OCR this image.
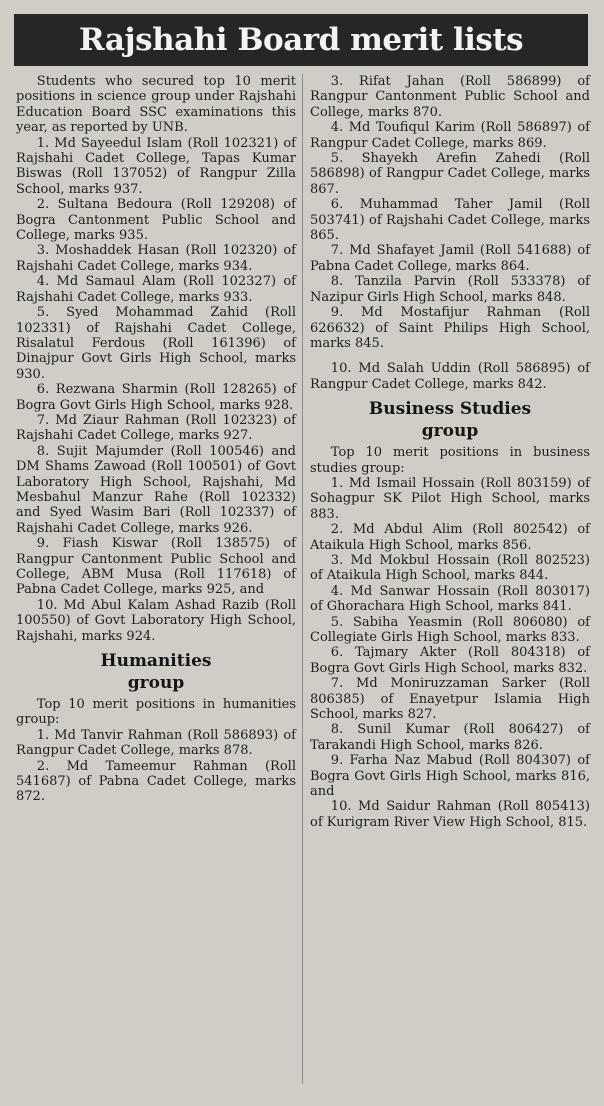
Rajshahi Board merit lists

Students who secured top 10 merit positions in science group under Rajshahi Education Board SSC examinations this year, as reported by UNB.

1. Md Sayeedul Islam (Roll 102321) of Rajshahi Cadet College, Tapas Kumar Biswas (Roll 137052) of Rangpur Zilla School, marks 937.

2. Sultana Bedoura (Roll 129208) of Bogra Cantonment Public School and College, marks 935.

3. Moshaddek Hasan (Roll 102320) of Rajshahi Cadet College, marks 934.

4. Md Samaul Alam (Roll 102327) of Rajshahi Cadet College, marks 933.

5. Syed Mohammad Zahid (Roll 102331) of Rajshahi Cadet College, Risalatul Ferdous (Roll 161396) of Dinajpur Govt Girls High School, marks 930.

6. Rezwana Sharmin (Roll 128265) of Bogra Govt Girls High School, marks 928.

7. Md Ziaur Rahman (Roll 102323) of Rajshahi Cadet College, marks 927.

8. Sujit Majumder (Roll 100546) and DM Shams Zawoad (Roll 100501) of Govt Laboratory High School, Rajshahi, Md Mesbahul Manzur Rahe (Roll 102332) and Syed Wasim Bari (Roll 102337) of Rajshahi Cadet College, marks 926.

9. Fiash Kiswar (Roll 138575) of Rangpur Cantonment Public School and College, ABM Musa (Roll 117618) of Pabna Cadet College, marks 925, and

10. Md Abul Kalam Ashad Razib (Roll 100550) of Govt Laboratory High School, Rajshahi, marks 924.

Humanities
group

Top 10 merit positions in humanities group:

1. Md Tanvir Rahman (Roll 586893) of Rangpur Cadet College, marks 878.

2. Md Tameemur Rahman (Roll 541687) of Pabna Cadet College, marks 872.

3. Rifat Jahan (Roll 586899) of Rangpur Cantonment Public School and College, marks 870.

4. Md Toufiqul Karim (Roll 586897) of Rangpur Cadet College, marks 869.

5. Shayekh Arefin Zahedi (Roll 586898) of Rangpur Cadet College, marks 867.

6. Muhammad Taher Jamil (Roll 503741) of Rajshahi Cadet College, marks 865.

7. Md Shafayet Jamil (Roll 541688) of Pabna Cadet College, marks 864.

8. Tanzila Parvin (Roll 533378) of Nazipur Girls High School, marks 848.

9. Md Mostafijur Rahman (Roll 626632) of Saint Philips High School, marks 845.

10. Md Salah Uddin (Roll 586895) of Rangpur Cadet College, marks 842.

Business Studies
group

Top 10 merit positions in business studies group:

1. Md Ismail Hossain (Roll 803159) of Sohagpur SK Pilot High School, marks 883.

2. Md Abdul Alim (Roll 802542) of Ataikula High School, marks 856.

3. Md Mokbul Hossain (Roll 802523) of Ataikula High School, marks 844.

4. Md Sanwar Hossain (Roll 803017) of Ghorachara High School, marks 841.

5. Sabiha Yeasmin (Roll 806080) of Collegiate Girls High School, marks 833.

6. Tajmary Akter (Roll 804318) of Bogra Govt Girls High School, marks 832.

7. Md Moniruzzaman Sarker (Roll 806385) of Enayetpur Islamia High School, marks 827.

8. Sunil Kumar (Roll 806427) of Tarakandi High School, marks 826.

9. Farha Naz Mabud (Roll 804307) of Bogra Govt Girls High School, marks 816, and

10. Md Saidur Rahman (Roll 805413) of Kurigram River View High School, 815.
